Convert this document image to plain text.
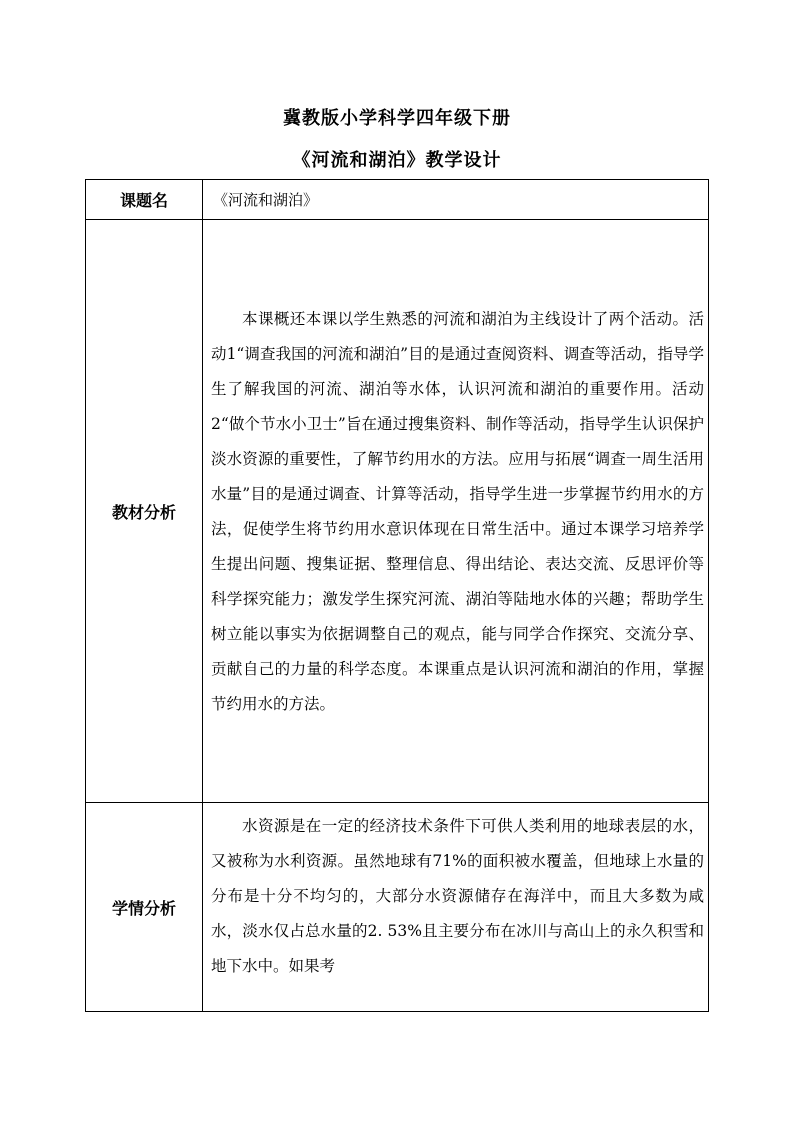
冀教版小学科学四年级下册
《河流和湖泊》教学设计
课题名	《河流和湖泊》
教材分析	本课概还本课以学生熟悉的河流和湖泊为主线设计了两个活动。活动1“调查我国的河流和湖泊”目的是通过查阅资料、调查等活动，指导学生了解我国的河流、湖泊等水体，认识河流和湖泊的重要作用。活动2“做个节水小卫士”旨在通过搜集资料、制作等活动，指导学生认识保护淡水资源的重要性，了解节约用水的方法。应用与拓展“调查一周生活用水量”目的是通过调查、计算等活动，指导学生进一步掌握节约用水的方法，促使学生将节约用水意识体现在日常生活中。通过本课学习培养学生提出问题、搜集证据、整理信息、得出结论、表达交流、反思评价等科学探究能力；激发学生探究河流、湖泊等陆地水体的兴趣；帮助学生树立能以事实为依据调整自己的观点，能与同学合作探究、交流分享、贡献自己的力量的科学态度。本课重点是认识河流和湖泊的作用，掌握节约用水的方法。
学情分析	水资源是在一定的经济技术条件下可供人类利用的地球表层的水，又被称为水利资源。虽然地球有71%的面积被水覆盖，但地球上水量的分布是十分不均匀的，大部分水资源储存在海洋中，而且大多数为咸水，淡水仅占总水量的2. 53%且主要分布在冰川与高山上的永久积雪和地下水中。如果考
